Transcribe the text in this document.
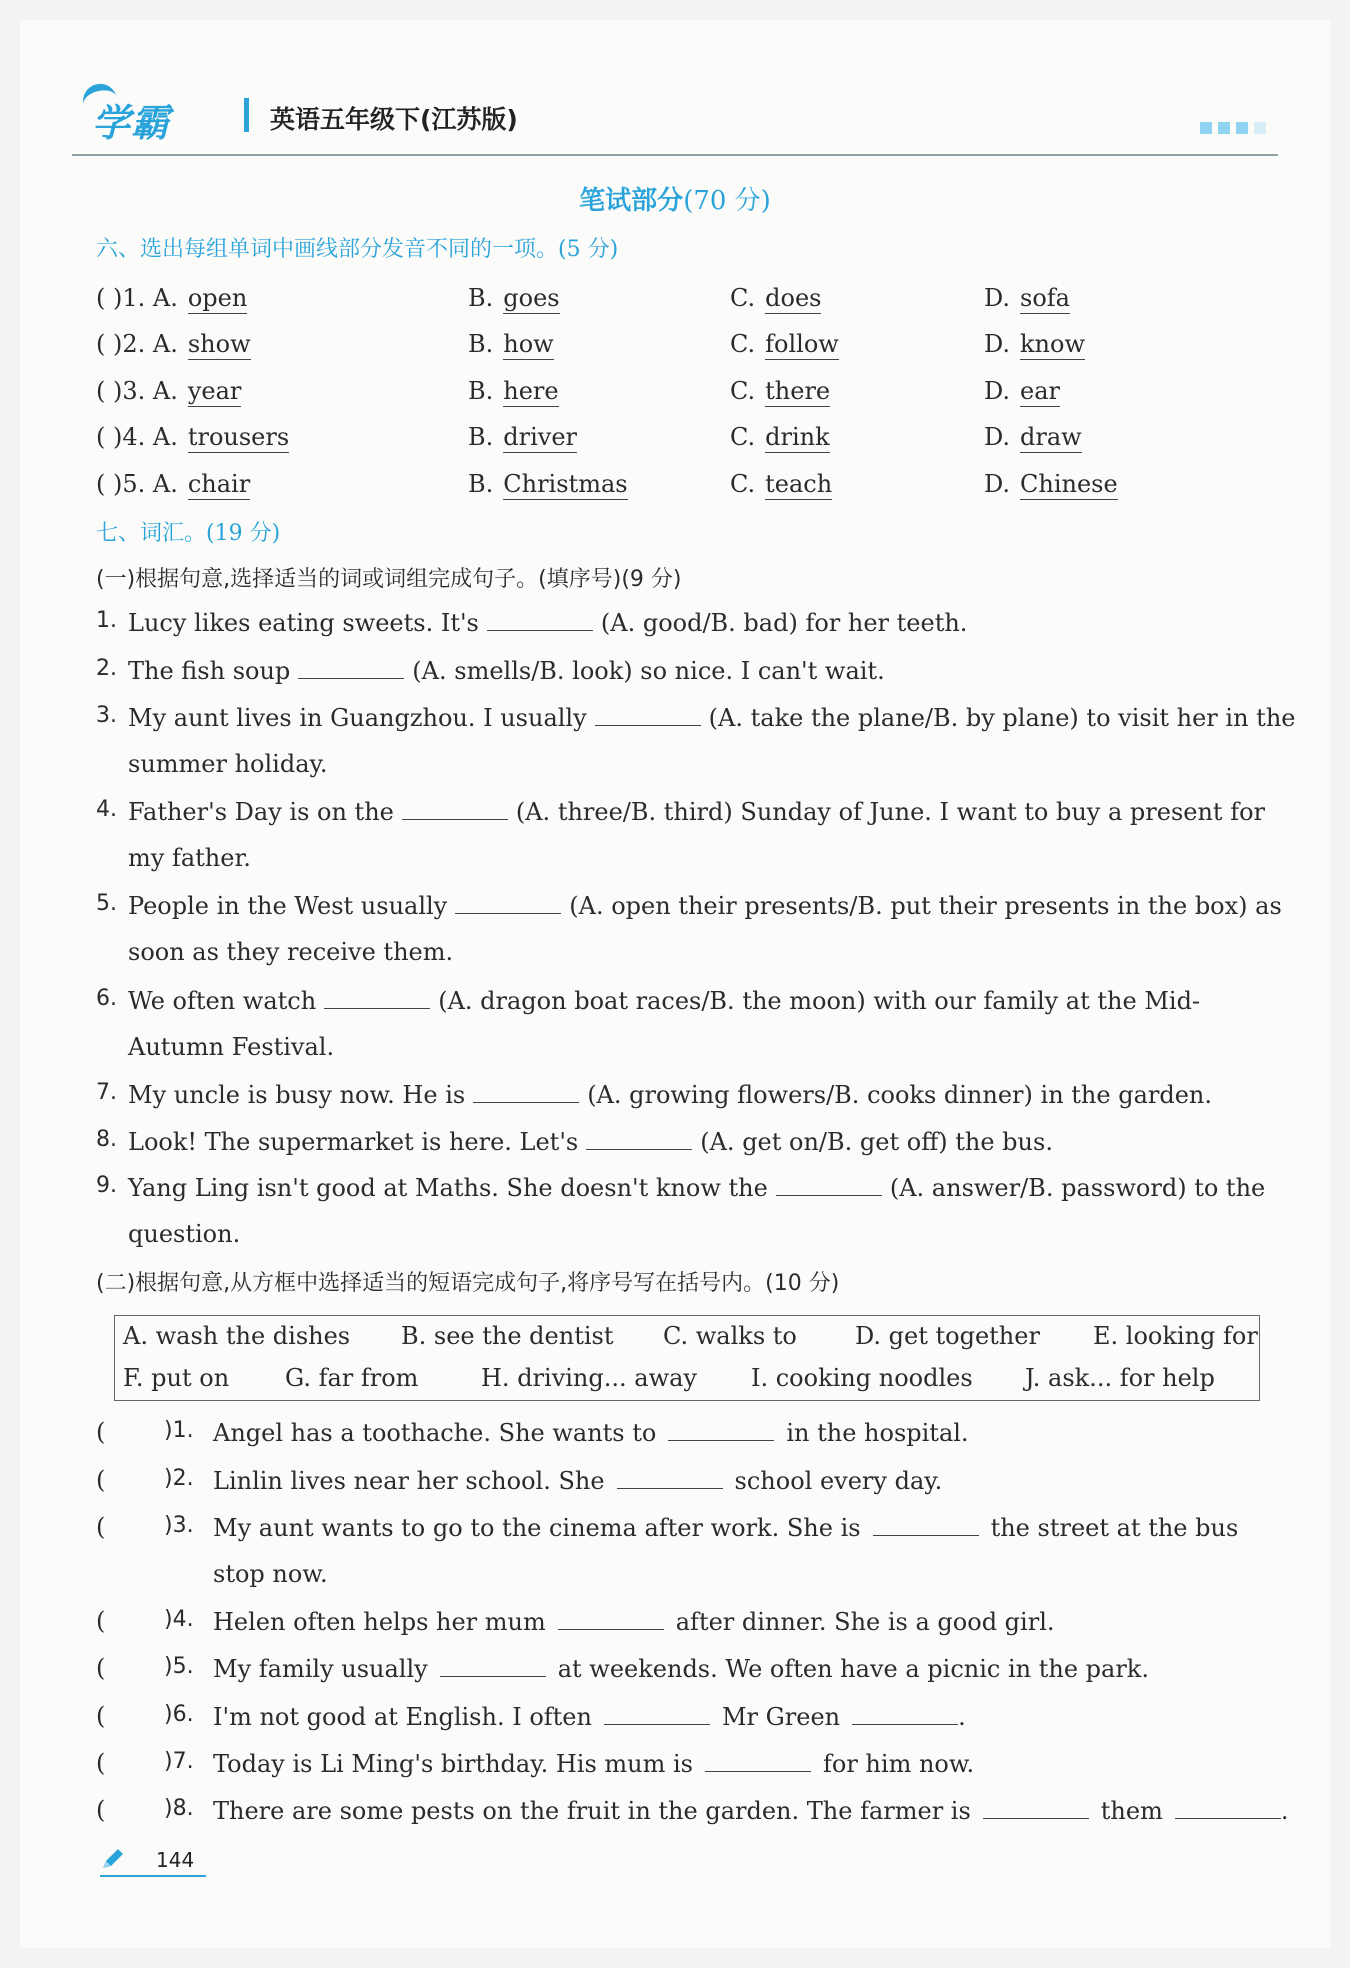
学霸	英语五年级下(江苏版)
笔试部分(70 分)
六、选出每组单词中画线部分发音不同的一项。(5 分)
( )1. A. open	B. goes	C. does	D. sofa
( )2. A. show	B. how	C. follow	D. know
( )3. A. year	B. here	C. there	D. ear
( )4. A. trousers	B. driver	C. drink	D. draw
( )5. A. chair	B. Christmas	C. teach	D. Chinese
七、词汇。(19 分)
(一)根据句意,选择适当的词或词组完成句子。(填序号)(9 分)
1. Lucy likes eating sweets. It's	(A. good/B. bad) for her teeth.
2. The fish soup	(A. smells/B. look) so nice. I can't wait.
3. My aunt lives in Guangzhou. I usually	(A. take the plane/B. by plane) to visit her in the
summer holiday.
4. Father's Day is on the	(A. three/B. third) Sunday of June. I want to buy a present for
my father.
5. People in the West usually	(A. open their presents/B. put their presents in the box) as
soon as they receive them.
6. We often watch	(A. dragon boat races/B. the moon) with our family at the Mid-
Autumn Festival.
7. My uncle is busy now. He is	(A. growing flowers/B. cooks dinner) in the garden.
8. Look! The supermarket is here. Let's	(A. get on/B. get off) the bus.
9. Yang Ling isn't good at Maths. She doesn't know the	(A. answer/B. password) to the
question.
(二)根据句意,从方框中选择适当的短语完成句子,将序号写在括号内。(10 分)
A. wash the dishes B. see the dentist C. walks to D. get together E. looking for
F. put on G. far from	H. driving... away I. cooking noodles J. ask... for help
(	)1. Angel has a toothache. She wants to	in the hospital.
(	)2. Linlin lives near her school. She	school every day.
(	)3. My aunt wants to go to the cinema after work. She is	the street at the bus
stop now.
(	)4. Helen often helps her mum	after dinner. She is a good girl.
(	)5. My family usually	at weekends. We often have a picnic in the park.
(	)6. I'm not good at English. I often	Mr Green	.
(	)7. Today is Li Ming's birthday. His mum is	for him now.
(	)8. There are some pests on the fruit in the garden. The farmer is	them	.
144
